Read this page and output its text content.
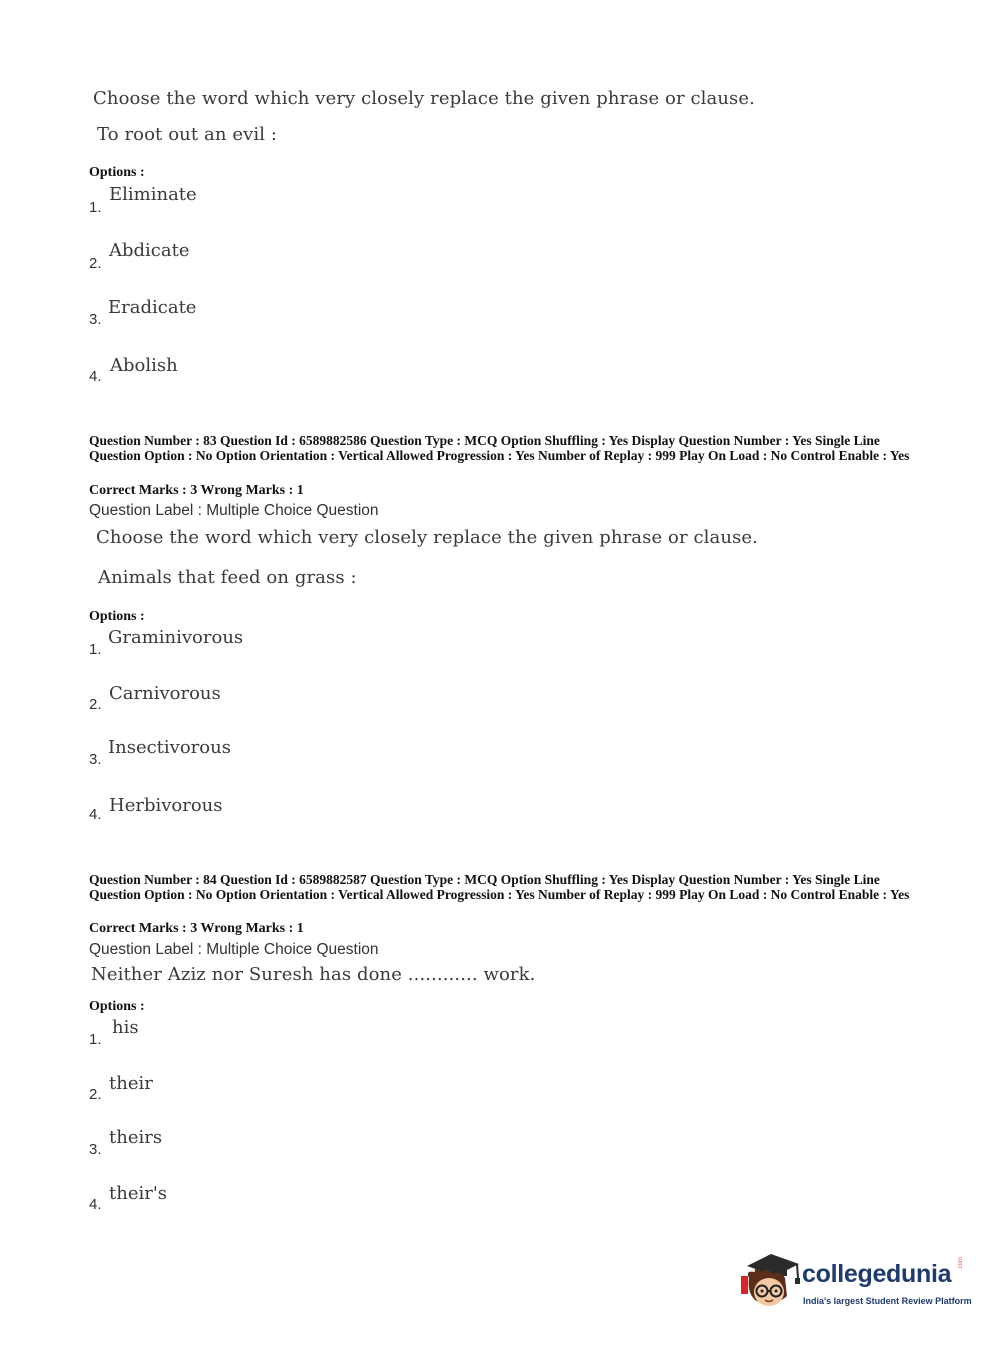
Choose the word which very closely replace the given phrase or clause.
To root out an evil :
Options :
1.
Eliminate
2.
Abdicate
3.
Eradicate
4.
Abolish
Question Number : 83 Question Id : 6589882586 Question Type : MCQ Option Shuffling : Yes Display Question Number : Yes Single Line Question Option : No Option Orientation : Vertical Allowed Progression : Yes Number of Replay : 999 Play On Load : No Control Enable : Yes
Correct Marks : 3 Wrong Marks : 1
Question Label : Multiple Choice Question
Choose the word which very closely replace the given phrase or clause.
Animals that feed on grass :
Options :
1.
Graminivorous
2.
Carnivorous
3.
Insectivorous
4. Herbivorous
Question Number : 84 Question Id : 6589882587 Question Type : MCQ Option Shuffling : Yes Display Question Number : Yes Single Line Question Option : No Option Orientation : Vertical Allowed Progression : Yes Number of Replay : 999 Play On Load : No Control Enable : Yes
Correct Marks : 3 Wrong Marks : 1
Question Label : Multiple Choice Question
Neither Aziz nor Suresh has done ............ work.
Options :
1.
his
2.
their
3.
theirs
4.
their's
collegedunia .com
India's largest Student Review Platform
